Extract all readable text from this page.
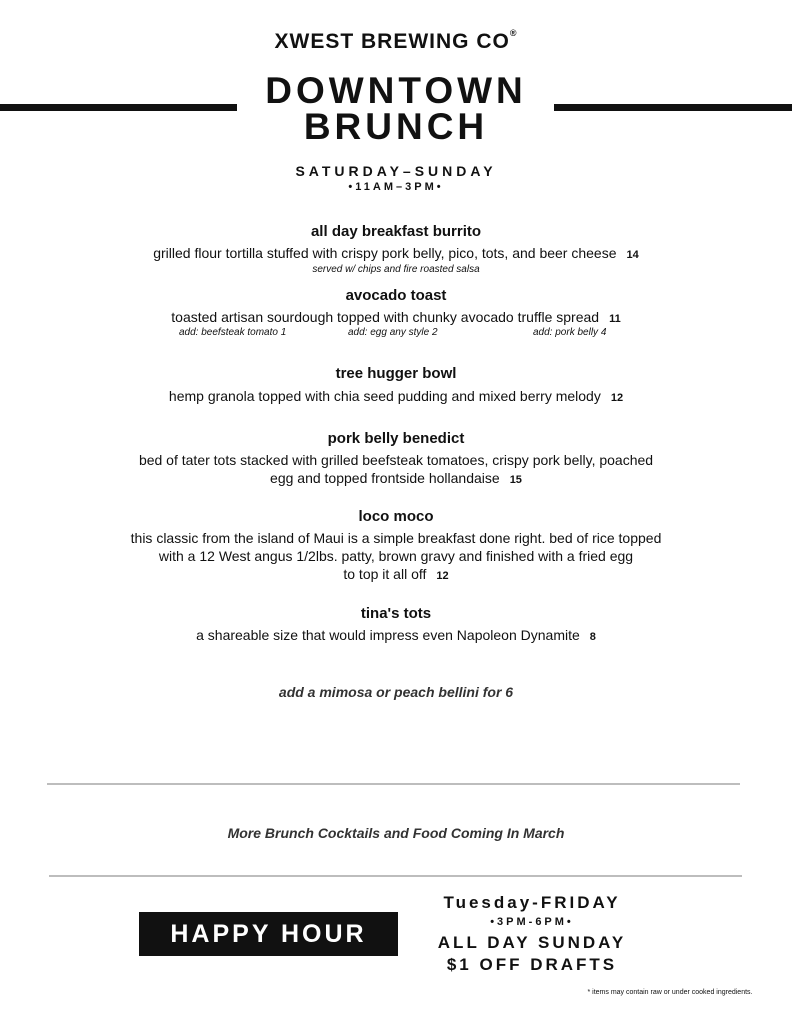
XWEST BREWING CO®
DOWNTOWN
BRUNCH
SATURDAY–SUNDAY
•11AM–3PM•
all day breakfast burrito
grilled flour tortilla stuffed with crispy pork belly, pico, tots, and beer cheese 14
served w/ chips and fire roasted salsa
avocado toast
toasted artisan sourdough topped with chunky avocado truffle spread 11
add: beefsteak tomato 1	add: egg any style 2	add: pork belly 4
tree hugger bowl
hemp granola topped with chia seed pudding and mixed berry melody 12
pork belly benedict
bed of tater tots stacked with grilled beefsteak tomatoes, crispy pork belly, poached
egg and topped frontside hollandaise 15
loco moco
this classic from the island of Maui is a simple breakfast done right. bed of rice topped
with a 12 West angus 1/2lbs. patty, brown gravy and finished with a fried egg
to top it all off 12
tina's tots
a shareable size that would impress even Napoleon Dynamite 8
add a mimosa or peach bellini for 6
More Brunch Cocktails and Food Coming In March
HAPPY HOUR
Tuesday-FRIDAY
•3PM-6PM•
ALL DAY SUNDAY
$1 OFF DRAFTS
* items may contain raw or under cooked ingredients.
